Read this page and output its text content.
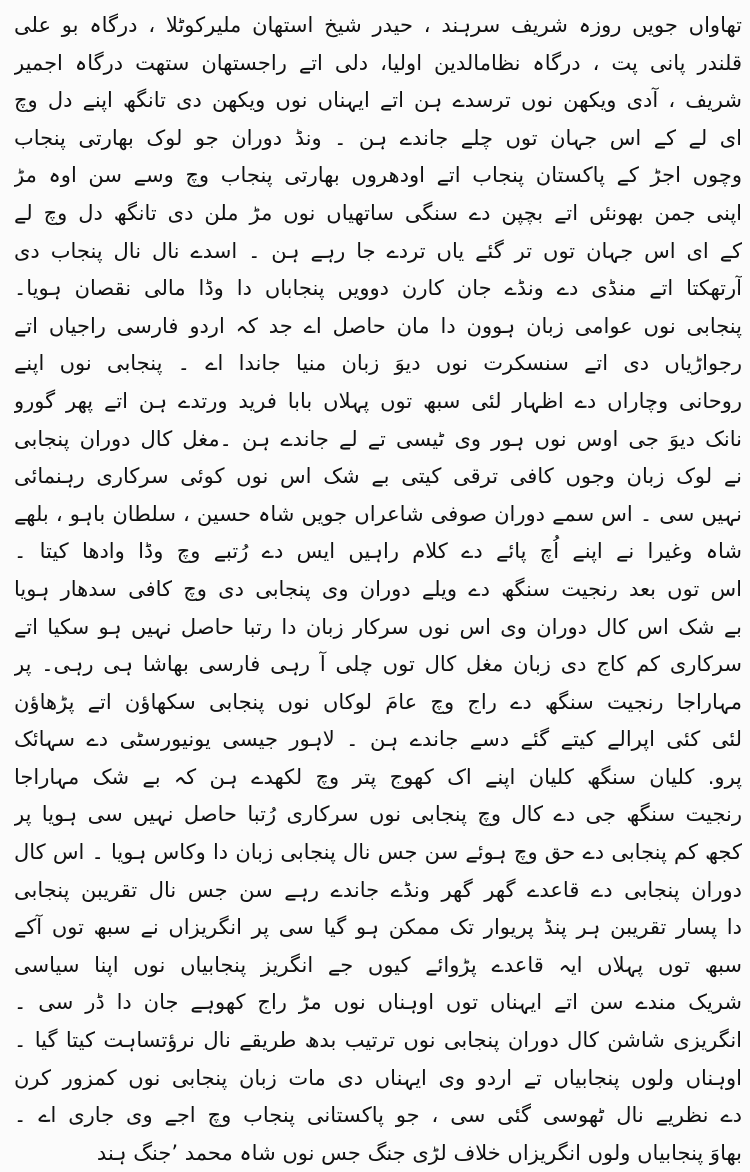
تھاواں جویں روزہ شریف سرہند ، حیدر شیخ استھان ملیرکوٹلا ، درگاہ بو علی
قلندر پانی پت ، درگاہ نظامالدین اولیا، دلی اتے راجستھان ستھت درگاہ اجمیر
شریف ، آدی ویکھن نوں ترسدے ہن اتے ایہناں نوں ویکھن دی تانگھ اپنے دل وچ
ای لے کے اس جہان توں چلے جاندے ہن ۔ ونڈ دوران جو لوک بھارتی پنجاب
وچوں اجڑ کے پاکستان پنجاب اتے اودھروں بھارتی پنجاب وچ وسے سن اوہ مڑ
اپنی جمن بھونئں اتے بچپن دے سنگی ساتھیاں نوں مڑ ملن دی تانگھ دل وچ لے
کے ای اس جہان توں تر گئے یاں تردے جا رہے ہن ۔ اسدے نال نال پنجاب دی
آرتھکتا اتے منڈی دے ونڈے جان کارن دوویں پنجاباں دا وڈا مالی نقصان ہویا۔
پنجابی نوں عوامی زبان ہوون دا مان حاصل اے جد کہ اردو فارسی راجیاں اتے
رجواڑیاں دی اتے سنسکرت نوں دیوَ زبان منیا جاندا اے ۔ پنجابی نوں اپنے
روحانی وچاراں دے اظہار لئی سبھ توں پہلاں بابا فرید ورتدے ہن اتے پھر گورو
نانک دیوَ جی اوس نوں ہور وی ٹیسی تے لے جاندے ہن ۔مغل کال دوران پنجابی
نے لوک زبان وجوں کافی ترقی کیتی بے شک اس نوں کوئی سرکاری رہنمائی
نہیں سی ۔ اس سمے دوران صوفی شاعراں جویں شاہ حسین ، سلطان باہو ، بلھے
شاہ وغیرا نے اپنے اُچ پائے دے کلام راہیں ایس دے رُتبے وچ وڈا وادھا کیتا ۔
اس توں بعد رنجیت سنگھ دے ویلے دوران وی پنجابی دی وچ کافی سدھار ہویا
بے شک اس کال دوران وی اس نوں سرکار زبان دا رتبا حاصل نہیں ہو سکیا اتے
سرکاری کم کاج دی زبان مغل کال توں چلی آ رہی فارسی بھاشا ہی رہی۔ پر
مہاراجا رنجیت سنگھ دے راج وچ عامَ لوکاں نوں پنجابی سکھاؤن اتے پڑھاؤن
لئی کئی اپرالے کیتے گئے دسے جاندے ہن ۔ لاہور جیسی یونیورسٹی دے سہائک
پرو. کلیان سنگھ کلیان اپنے اک کھوج پتر وچ لکھدے ہن کہ بے شک مہاراجا
رنجیت سنگھ جی دے کال وچ پنجابی نوں سرکاری رُتبا حاصل نہیں سی ہویا پر
کجھ کم پنجابی دے حق وچ ہوئے سن جس نال پنجابی زبان دا وکاس ہویا ۔ اس کال
دوران پنجابی دے قاعدے گھر گھر ونڈے جاندے رہے سن جس نال تقریبن پنجابی
دا پسار تقریبن ہر پنڈ پریوار تک ممکن ہو گیا سی پر انگریزاں نے سبھ توں آکے
سبھ توں پہلاں ایہ قاعدے پڑوائے کیوں جے انگریز پنجابیاں نوں اپنا سیاسی
شریک مندے سن اتے ایہناں توں اوہناں نوں مڑ راج کھوہے جان دا ڈر سی ۔
انگریزی شاشن کال دوران پنجابی نوں ترتیب بدھ طریقے نال نرؤتساہت کیتا گیا ۔
اوہناں ولوں پنجابیاں تے اردو وی ایہناں دی مات زبان پنجابی نوں کمزور کرن
دے نظریے نال ٹھوسی گئی سی ، جو پاکستانی پنجاب وچ اجے وی جاری اے ۔
بھاوَ پنجابیاں ولوں انگریزاں خلاف لڑی جنگ جس نوں شاہ محمد ’جنگ ہند
